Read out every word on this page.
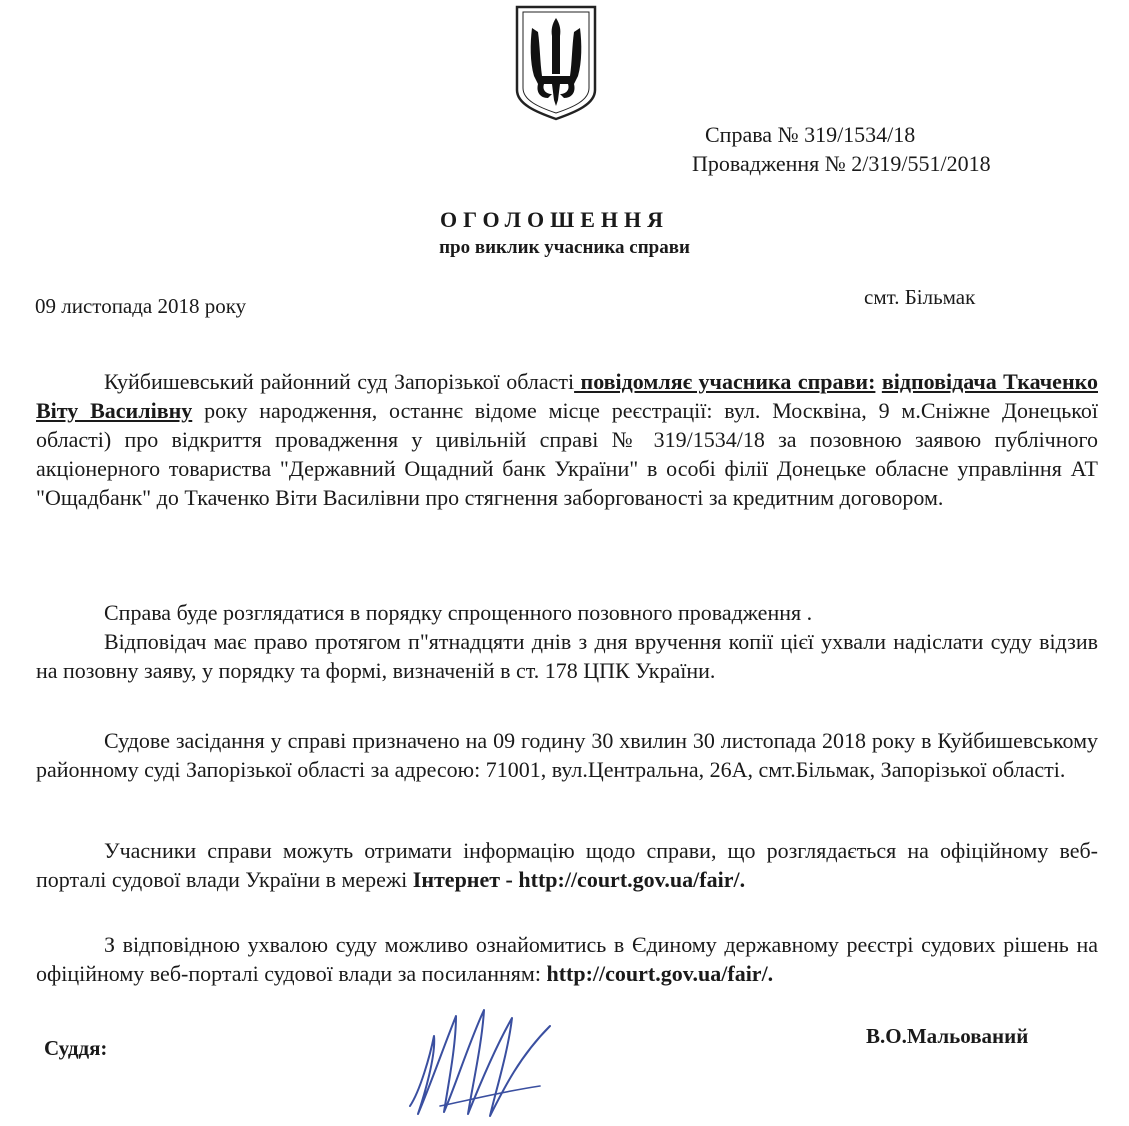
Справа № 319/1534/18
Провадження № 2/319/551/2018
ОГОЛОШЕННЯ
про виклик учасника справи
09 листопада 2018 року	смт. Більмак

Куйбишевський районний суд Запорізької області повідомляє учасника справи: відповідача Ткаченко Віту Василівну року народження, останнє відоме місце реєстрації: вул. Москвіна, 9 м.Сніжне Донецької області) про відкриття провадження у цивільній справі № 319/1534/18 за позовною заявою публічного акціонерного товариства "Державний Ощадний банк України" в особі філії Донецьке обласне управління АТ "Ощадбанк" до Ткаченко Віти Василівни про стягнення заборгованості за кредитним договором.

Справа буде розглядатися в порядку спрощенного позовного провадження .

Відповідач має право протягом п"ятнадцяти днів з дня вручення копії цієї ухвали надіслати суду відзив на позовну заяву, у порядку та формі, визначеній в ст. 178 ЦПК України.

Судове засідання у справі призначено на 09 годину 30 хвилин 30 листопада 2018 року в Куйбишевському районному суді Запорізької області за адресою: 71001, вул.Центральна, 26А, смт.Більмак, Запорізької області.

Учасники справи можуть отримати інформацію щодо справи, що розглядається на офіційному веб-порталі судової влади України в мережі Інтернет - http://court.gov.ua/fair/.

З відповідною ухвалою суду можливо ознайомитись в Єдиному державному реєстрі судових рішень на офіційному веб-порталі судової влади за посиланням: http://court.gov.ua/fair/.

Суддя:	В.О.Мальований
